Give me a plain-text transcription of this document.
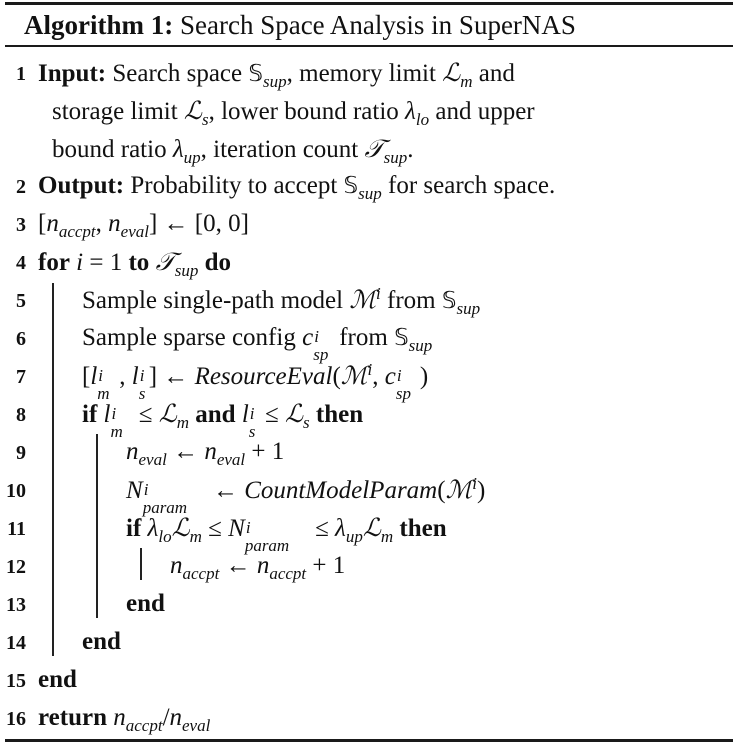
Algorithm 1: Search Space Analysis in SuperNAS
1 Input: Search space 𝕊$_{sup}$, memory limit ℒ$_m$ and
storage limit ℒ$_s$, lower bound ratio $\lambda_{lo}$ and upper
bound ratio $\lambda_{up}$, iteration count 𝒯$_{sup}$.
2 Output: Probability to accept 𝕊$_{sup}$ for search space.
3 [$n_{accpt}$, $n_{eval}$] ← [0, 0]
4 for i = 1 to 𝒯$_{sup}$ do
5 Sample single-path model ℳ$^i$ from 𝕊$_{sup}$
6 Sample sparse config c i
sp
from 𝕊$_{sup}$
7 [l i
m
, l i
s
] ← ResourceEval(ℳ$^i$, c i
sp
)
8 if l i
m
≤ ℒ$_m$ and l i
s
≤ ℒ$_s$ then
9	$n_{eval}$ ← $n_{eval} + 1$
10	N i
param
← CountModelParam(ℳ$^i$)
11	if $\lambda_{lo}ℒ_m \le N$ i
param
≤ $\lambda_{up}ℒ_m$ then
12	$n_{accpt}$ ← $n_{accpt} + 1$
13	end
14 end
15 end
16 return $n_{accpt}/n_{eval}$
